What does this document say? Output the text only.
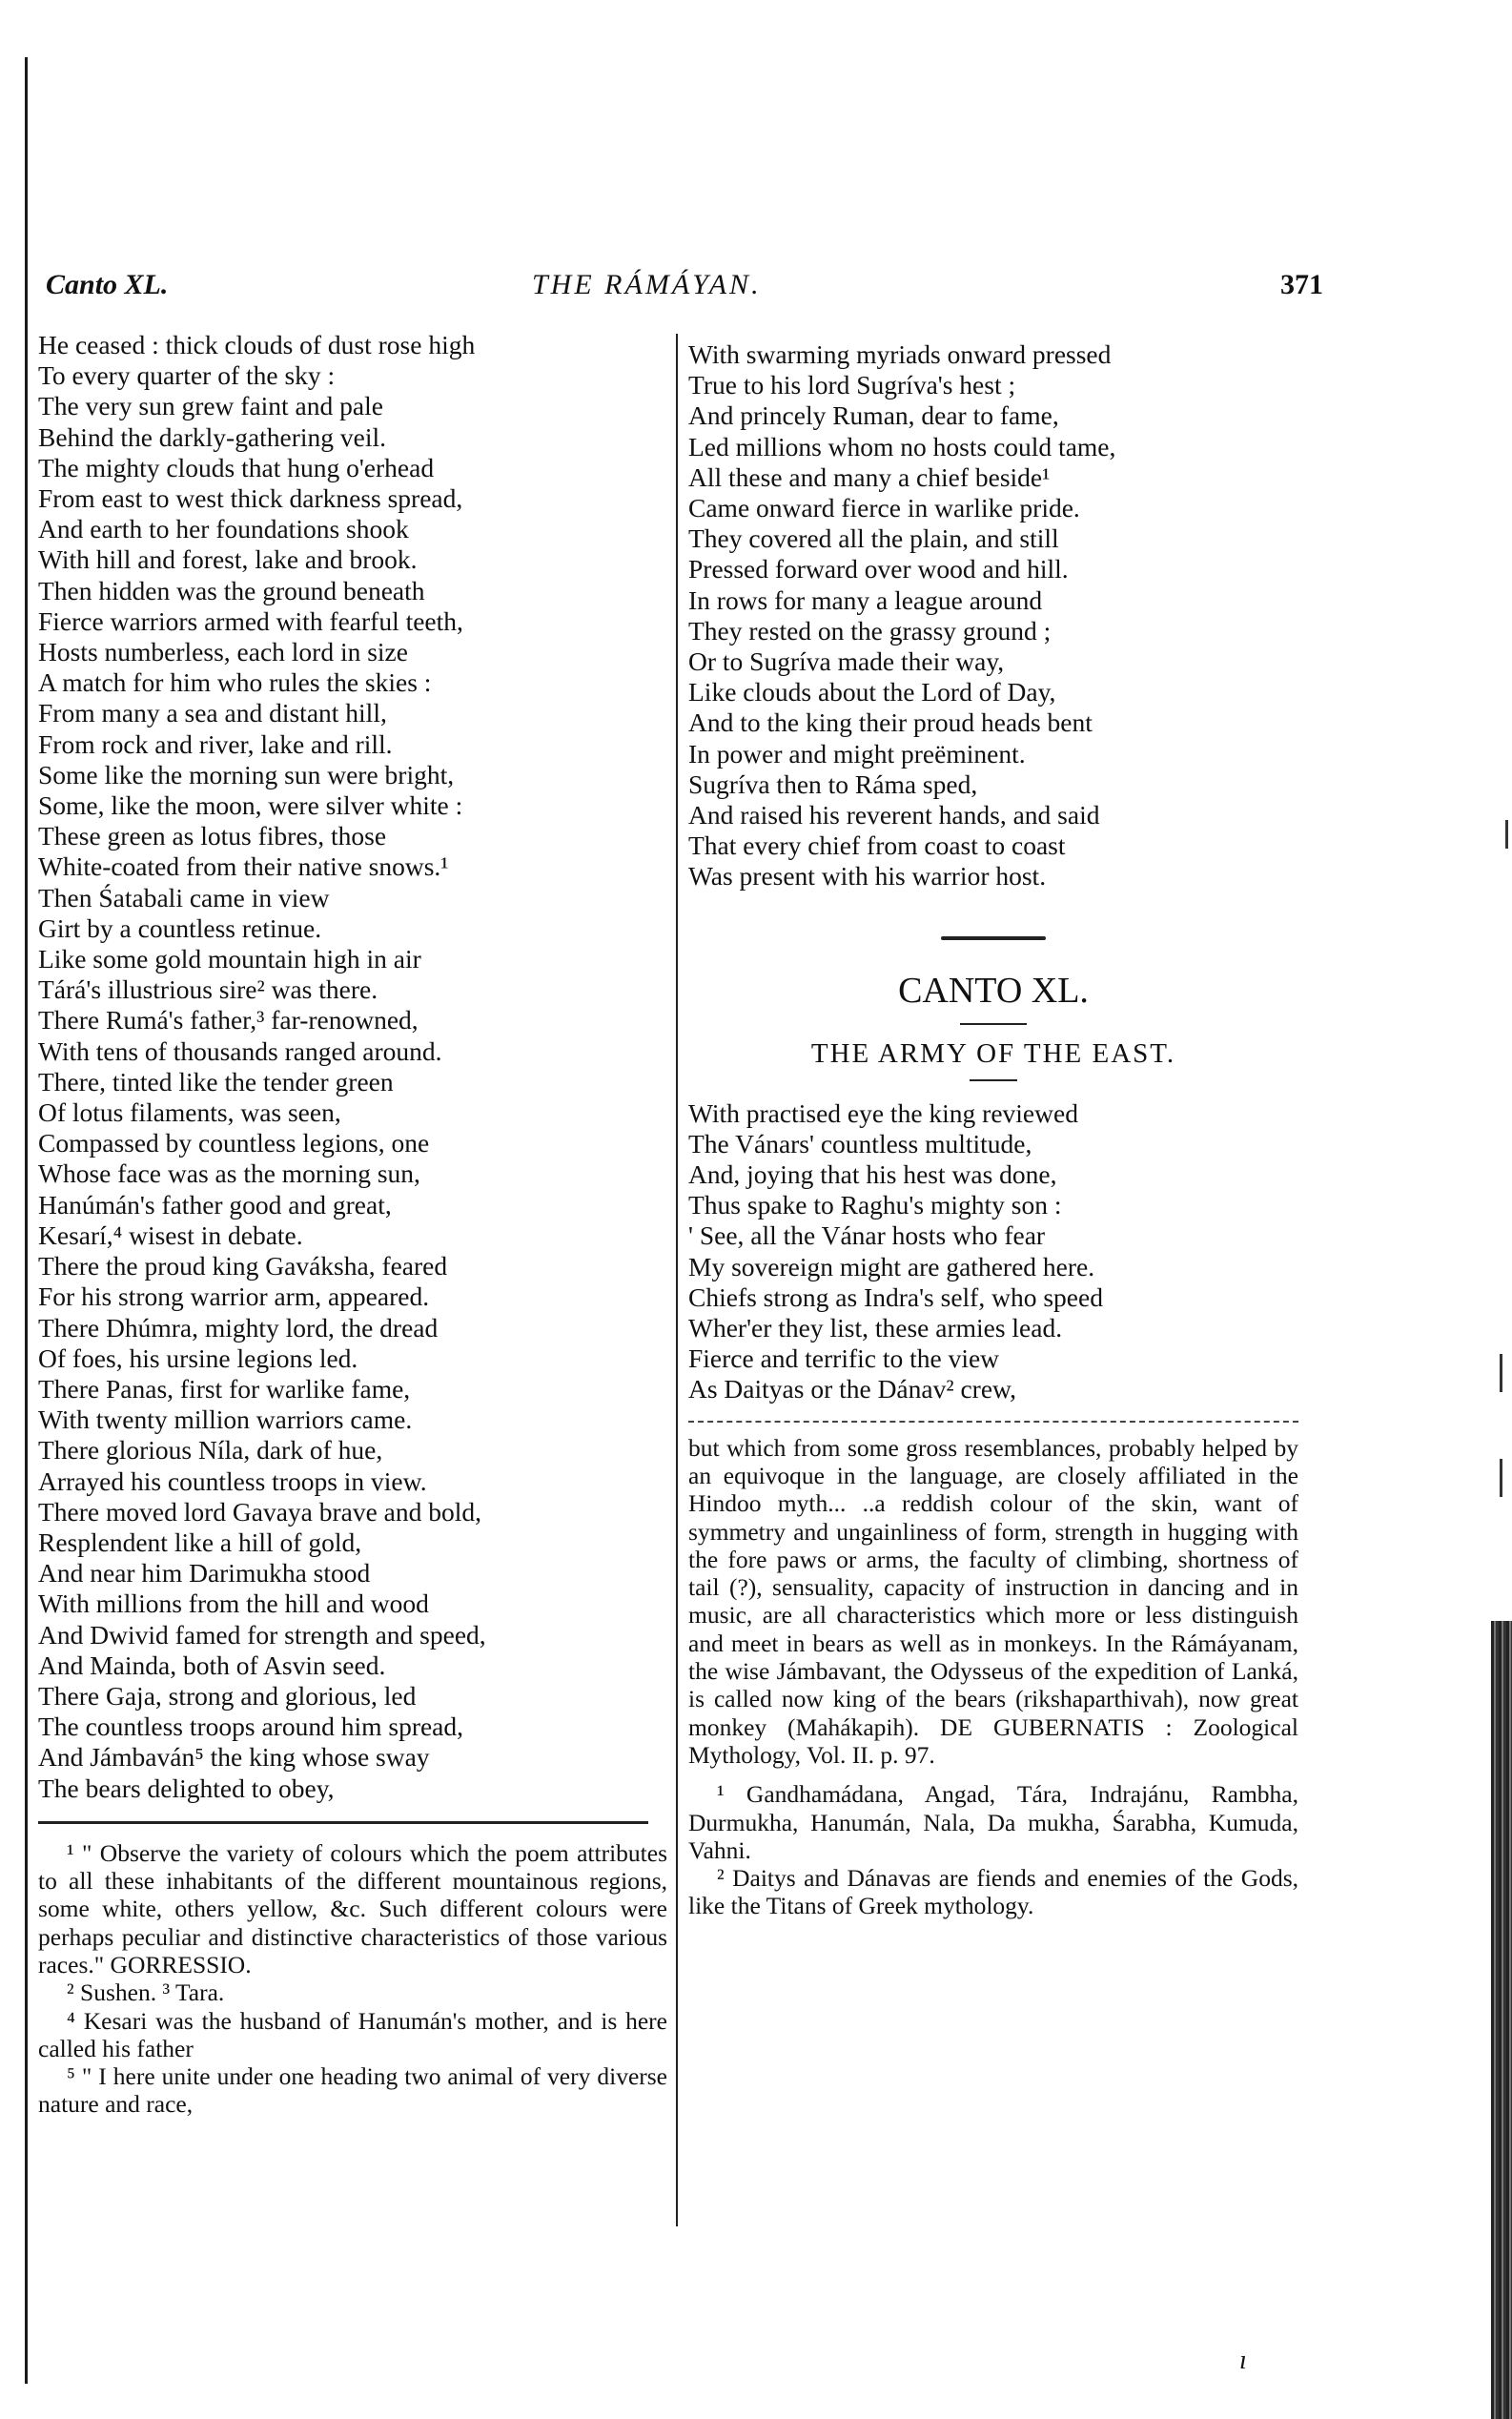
Canto XL.	THE RÁMÁYAN.	371
He ceased : thick clouds of dust rose high
To every quarter of the sky :
The very sun grew faint and pale
Behind the darkly-gathering veil.
The mighty clouds that hung o'erhead
From east to west thick darkness spread,
And earth to her foundations shook
With hill and forest, lake and brook.
Then hidden was the ground beneath
Fierce warriors armed with fearful teeth,
Hosts numberless, each lord in size
A match for him who rules the skies :
From many a sea and distant hill,
From rock and river, lake and rill.
Some like the morning sun were bright,
Some, like the moon, were silver white :
These green as lotus fibres, those
White-coated from their native snows.¹
Then Śatabali came in view
Girt by a countless retinue.
Like some gold mountain high in air
Tárá's illustrious sire² was there.
There Rumá's father,³ far-renowned,
With tens of thousands ranged around.
There, tinted like the tender green
Of lotus filaments, was seen,
Compassed by countless legions, one
Whose face was as the morning sun,
Hanúmán's father good and great,
Kesarí,⁴ wisest in debate.
There the proud king Gaváksha, feared
For his strong warrior arm, appeared.
There Dhúmra, mighty lord, the dread
Of foes, his ursine legions led.
There Panas, first for warlike fame,
With twenty million warriors came.
There glorious Níla, dark of hue,
Arrayed his countless troops in view.
There moved lord Gavaya brave and bold,
Resplendent like a hill of gold,
And near him Darimukha stood
With millions from the hill and wood
And Dwivid famed for strength and speed,
And Mainda, both of Asvin seed.
There Gaja, strong and glorious, led
The countless troops around him spread,
And Jámbaván⁵ the king whose sway
The bears delighted to obey,

¹ " Observe the variety of colours which the poem attributes to all these inhabitants of the different mountainous regions, some white, others yellow, &c. Such different colours were perhaps peculiar and distinctive characteristics of those various races." GORRESSIO.

² Sushen. ³ Tara.

⁴ Kesari was the husband of Hanumán's mother, and is here called his father

⁵ " I here unite under one heading two animal of very diverse nature and race,

With swarming myriads onward pressed
True to his lord Sugríva's hest ;
And princely Ruman, dear to fame,
Led millions whom no hosts could tame,
All these and many a chief beside¹
Came onward fierce in warlike pride.
They covered all the plain, and still
Pressed forward over wood and hill.
In rows for many a league around
They rested on the grassy ground ;
Or to Sugríva made their way,
Like clouds about the Lord of Day,
And to the king their proud heads bent
In power and might preëminent.
Sugríva then to Ráma sped,
And raised his reverent hands, and said
That every chief from coast to coast
Was present with his warrior host.

CANTO XL.

THE ARMY OF THE EAST.

With practised eye the king reviewed
The Vánars' countless multitude,
And, joying that his hest was done,
Thus spake to Raghu's mighty son :
' See, all the Vánar hosts who fear
My sovereign might are gathered here.
Chiefs strong as Indra's self, who speed
Wher'er they list, these armies lead.
Fierce and terrific to the view
As Daityas or the Dánav² crew,

but which from some gross resemblances, probably helped by an equivoque in the language, are closely affiliated in the Hindoo myth... ..a reddish colour of the skin, want of symmetry and ungainliness of form, strength in hugging with the fore paws or arms, the faculty of climbing, shortness of tail (?), sensuality, capacity of instruction in dancing and in music, are all characteristics which more or less distinguish and meet in bears as well as in monkeys. In the Rámáyanam, the wise Jámbavant, the Odysseus of the expedition of Lanká, is called now king of the bears (rikshaparthivah), now great monkey (Mahákapih). DE GUBERNATIS : Zoological Mythology, Vol. II. p. 97.

¹ Gandhamádana, Angad, Tára, Indrajánu, Rambha, Durmukha, Hanumán, Nala, Da mukha, Śarabha, Kumuda, Vahni.

² Daitys and Dánavas are fiends and enemies of the Gods, like the Titans of Greek mythology.

ı
